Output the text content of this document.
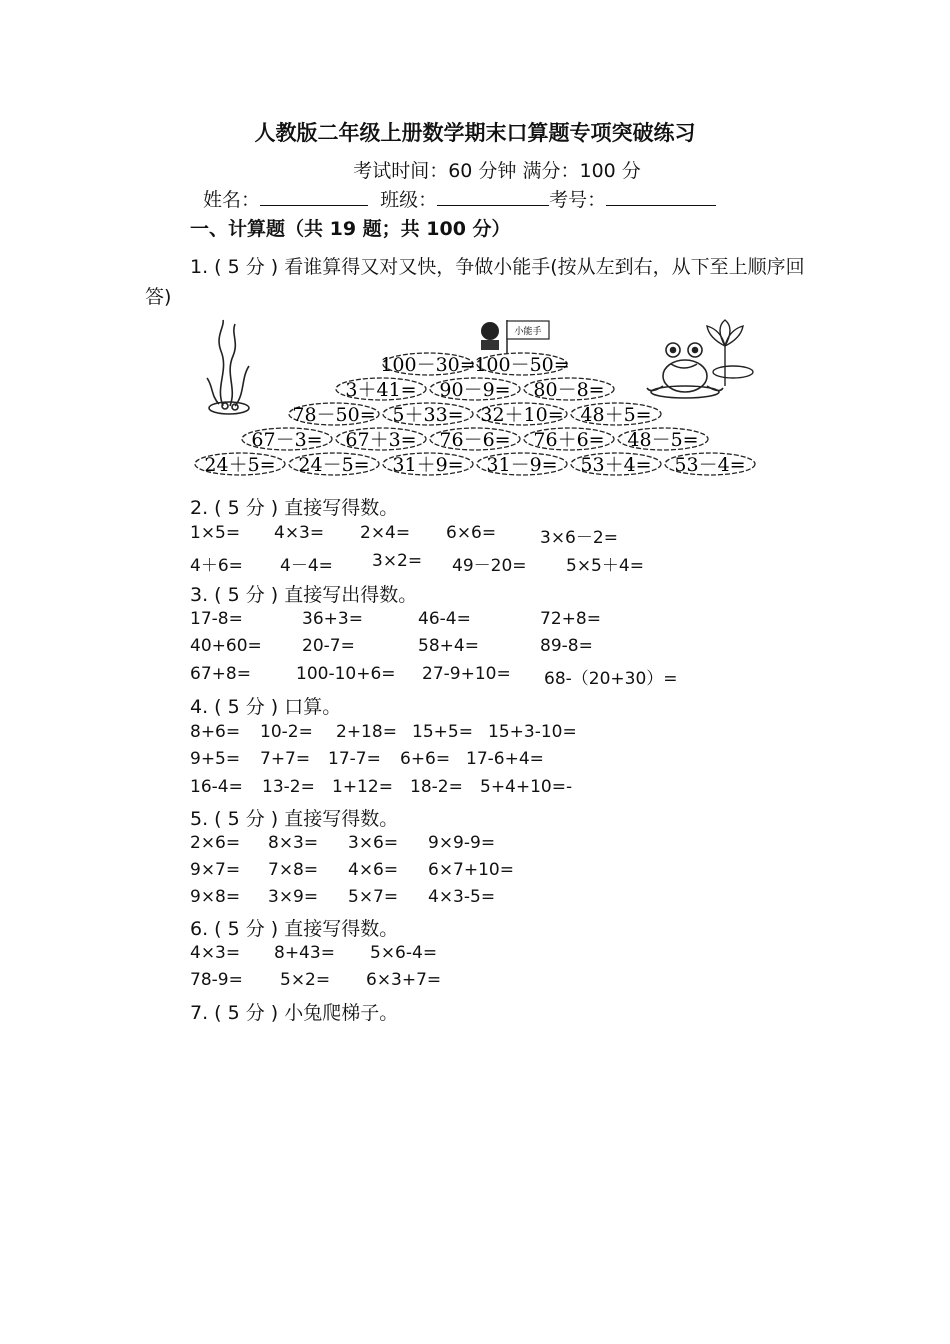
人教版二年级上册数学期末口算题专项突破练习
考试时间：60 分钟 满分：100 分
姓名：	班级：	考号：
一、计算题（共 19 题；共 100 分）
1. ( 5 分 ) 看谁算得又对又快，争做小能手(按从左到右，从下至上顺序回答)
小能手
100－30=
100－50=
3＋41= 90－9= 80－8=
78－50= 5＋33= 32＋10= 48＋5=
67－3= 67＋3= 76－6= 76＋6= 48－5=
24＋5= 24－5= 31＋9= 31－9= 53＋4= 53－4=
2. ( 5 分 ) 直接写得数。
1×5= 4×3= 2×4= 6×6=	3×6－2=
4＋6= 4－4= 3×2= 49－20= 5×5＋4=
3. ( 5 分 ) 直接写出得数。
17-8=	36+3=	46-4=	72+8=
40+60= 20-7=	58+4=	89-8=
67+8=	100-10+6= 27-9+10= 68-（20+30）=
4. ( 5 分 ) 口算。
8+6= 10-2= 2+18= 15+5= 15+3-10=
9+5= 7+7= 17-7= 6+6= 17-6+4=
16-4= 13-2= 1+12= 18-2= 5+4+10=-
5. ( 5 分 ) 直接写得数。
2×6= 8×3= 3×6= 9×9-9=
9×7= 7×8= 4×6= 6×7+10=
9×8= 3×9= 5×7= 4×3-5=
6. ( 5 分 ) 直接写得数。
4×3= 8+43= 5×6-4=
78-9= 5×2= 6×3+7=
7. ( 5 分 ) 小兔爬梯子。
